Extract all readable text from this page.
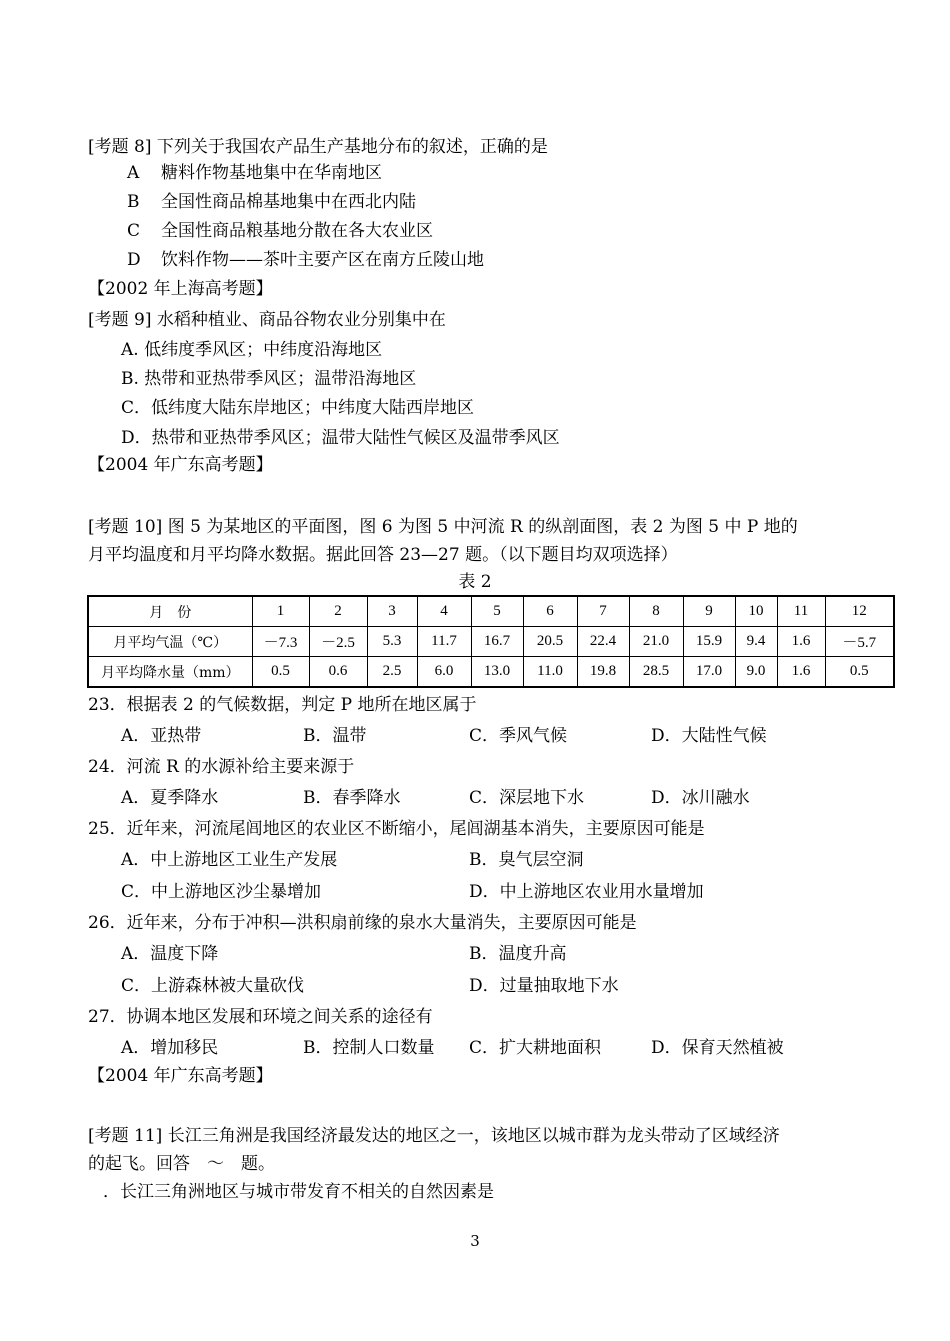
[考题 8] 下列关于我国农产品生产基地分布的叙述，正确的是
A 糖料作物基地集中在华南地区
B 全国性商品棉基地集中在西北内陆
C 全国性商品粮基地分散在各大农业区
D 饮料作物——茶叶主要产区在南方丘陵山地
【2002 年上海高考题】
[考题 9] 水稻种植业、商品谷物农业分别集中在
A. 低纬度季风区；中纬度沿海地区
B. 热带和亚热带季风区；温带沿海地区
C．低纬度大陆东岸地区；中纬度大陆西岸地区
D．热带和亚热带季风区；温带大陆性气候区及温带季风区
【2004 年广东高考题】
[考题 10] 图 5 为某地区的平面图，图 6 为图 5 中河流 R 的纵剖面图，表 2 为图 5 中 P 地的
月平均温度和月平均降水数据。据此回答 23—27 题。（以下题目均双项选择）
表 2
月　份	1	2	3	4	5	6	7	8	9	10	11	12
月平均气温（℃）	－7.3	－2.5	5.3	11.7	16.7	20.5	22.4	21.0	15.9	9.4	1.6	－5.7
月平均降水量（mm）	0.5	0.6	2.5	6.0	13.0	11.0	19.8	28.5	17.0	9.0	1.6	0.5
23．根据表 2 的气候数据，判定 P 地所在地区属于
A．亚热带	B．温带	C．季风气候	D．大陆性气候
24．河流 R 的水源补给主要来源于
A．夏季降水	B．春季降水	C．深层地下水	D．冰川融水
25．近年来，河流尾闾地区的农业区不断缩小，尾闾湖基本消失，主要原因可能是
A．中上游地区工业生产发展	B．臭气层空洞
C．中上游地区沙尘暴增加	D．中上游地区农业用水量增加
26．近年来，分布于冲积—洪积扇前缘的泉水大量消失，主要原因可能是
A．温度下降	B．温度升高
C．上游森林被大量砍伐	D．过量抽取地下水
27．协调本地区发展和环境之间关系的途径有
A．增加移民	B．控制人口数量 C．扩大耕地面积	D．保育天然植被
【2004 年广东高考题】
[考题 11] 长江三角洲是我国经济最发达的地区之一，该地区以城市群为龙头带动了区域经济
的起飞。回答　～　题。
．长江三角洲地区与城市带发育不相关的自然因素是
3
